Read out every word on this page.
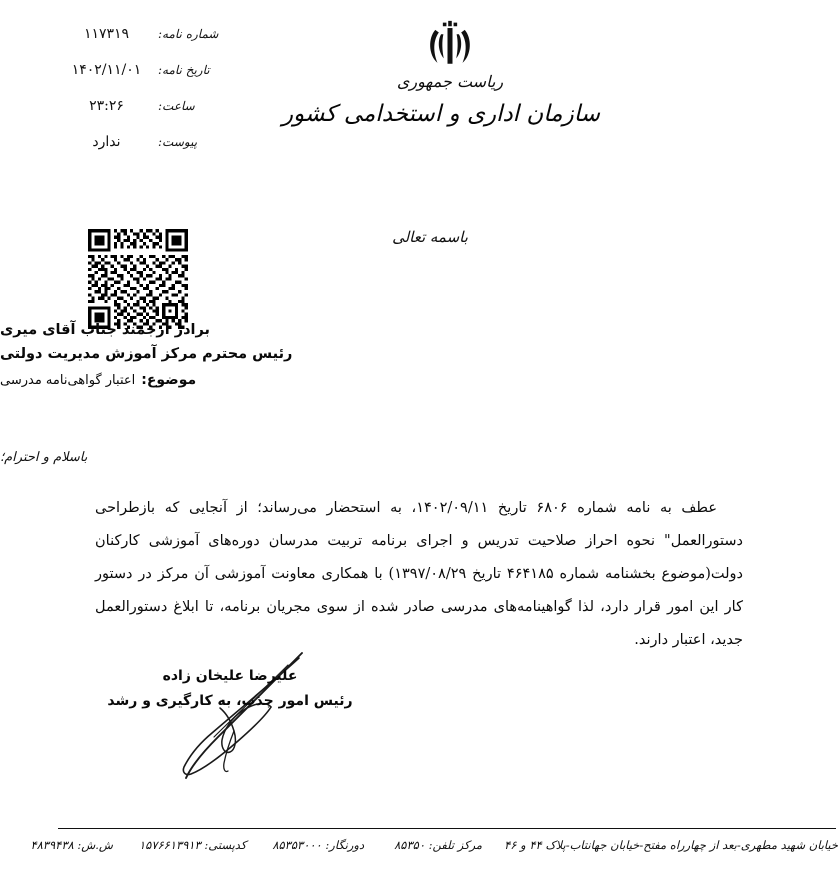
شماره نامه:
۱۱۷۳۱۹
تاریخ نامه:
۱۴۰۲/۱۱/۰۱
ساعت:
۲۳:۲۶
پیوست:
ندارد
ریاست جمهوری
سازمان اداری و استخدامی کشور
باسمه تعالی
برادر ارجمند جناب آقای میری
رئیس محترم مرکز آموزش مدیریت دولتی
موضوع:اعتبار گواهی‌نامه مدرسی
باسلام و احترام؛
عطف به نامه شماره ۶۸۰۶ تاریخ ۱۴۰۲/۰۹/۱۱، به استحضار می‌رساند؛ از آنجایی که بازطراحی دستورالعمل" نحوه احراز صلاحیت تدریس و اجرای برنامه تربیت مدرسان دوره‌های آموزشی کارکنان دولت(موضوع بخشنامه شماره ۴۶۴۱۸۵ تاریخ ۱۳۹۷/۰۸/۲۹) با همکاری معاونت آموزشی آن مرکز در دستور کار این امور قرار دارد، لذا گواهینامه‌های مدرسی صادر شده از سوی مجریان برنامه، تا ابلاغ دستورالعمل جدید، اعتبار دارند.
علیرضا علیخان زاده
رئیس امور جذب، به کارگیری و رشد
خیابان شهید مطهری-بعد از چهارراه مفتح-خیابان جهانتاب-پلاک ۴۴ و ۴۶
مرکز تلفن: ۸۵۳۵۰
دورنگار: ۸۵۳۵۳۰۰۰
کدپستی: ۱۵۷۶۶۱۳۹۱۳
ش.ش: ۴۸۳۹۴۳۸
